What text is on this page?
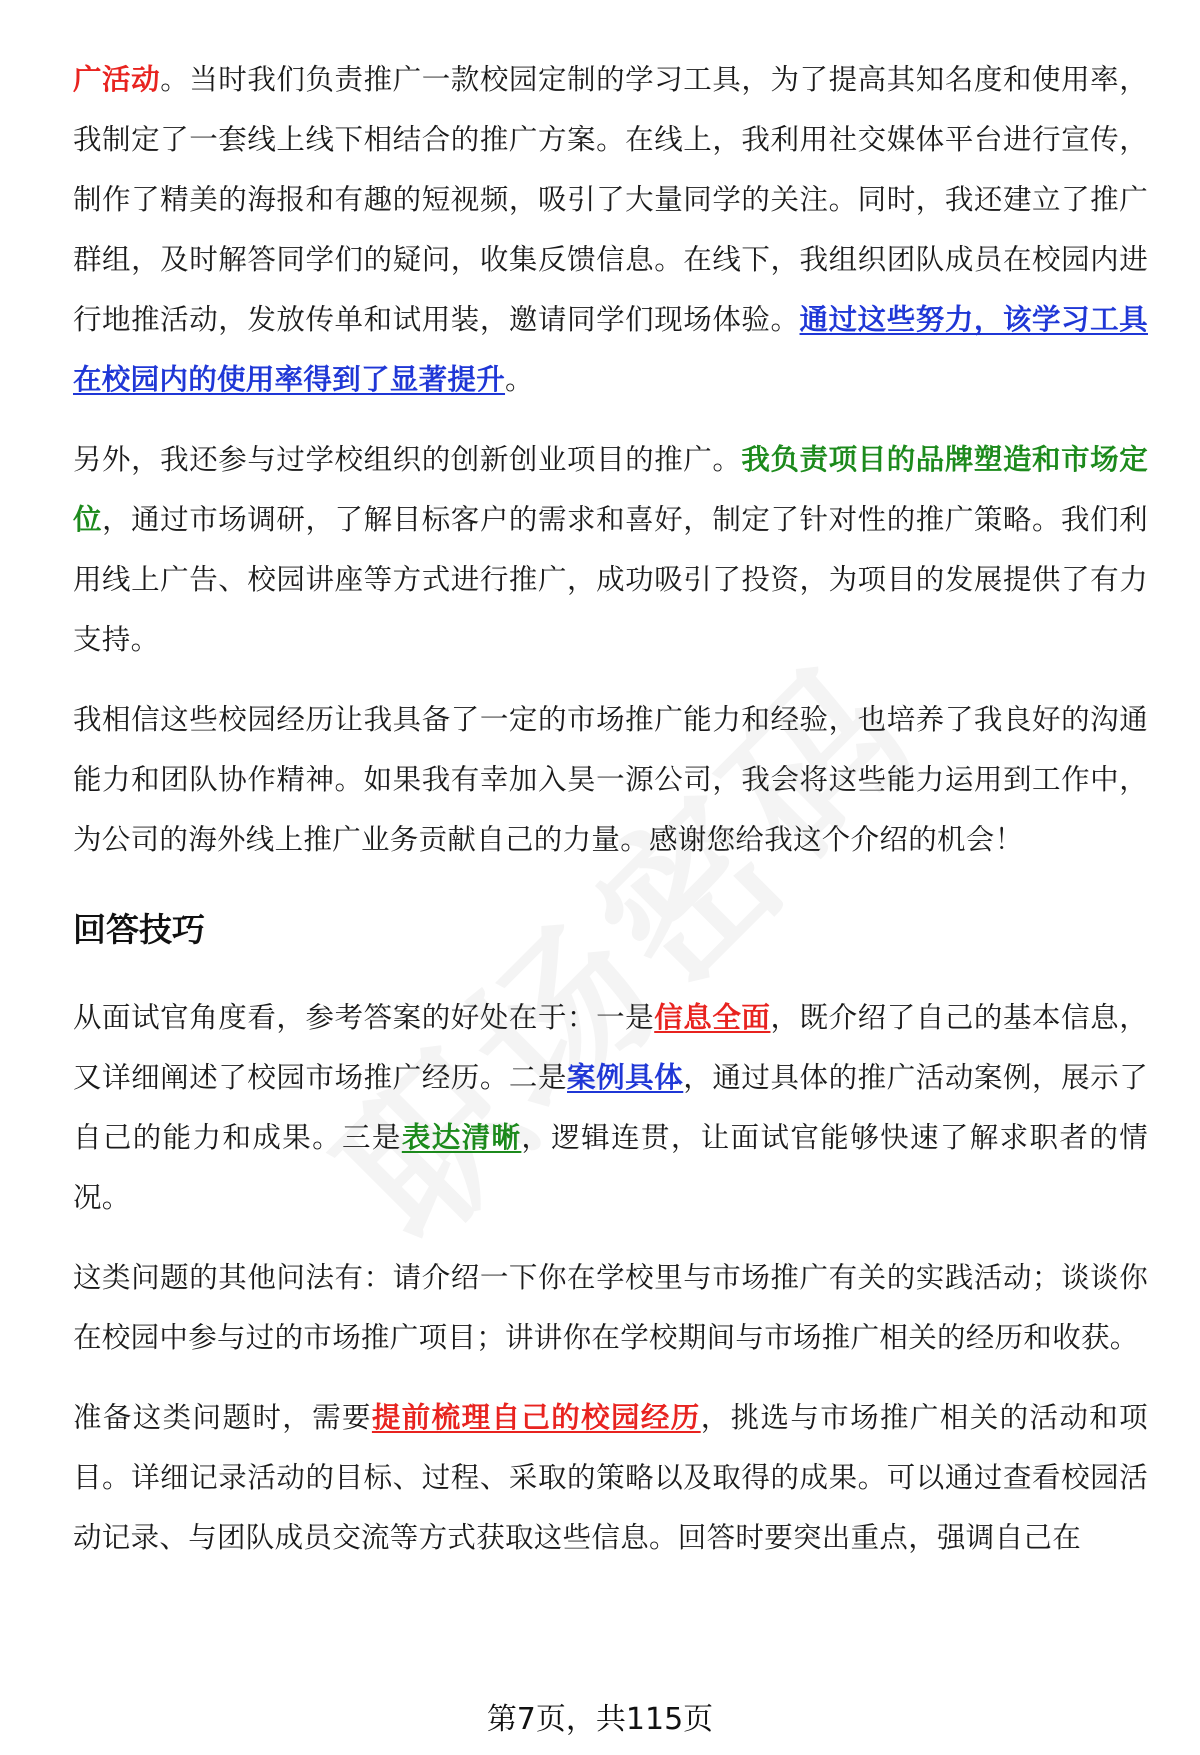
广活动。当时我们负责推广一款校园定制的学习工具，为了提高其知名度和使用率，我制定了一套线上线下相结合的推广方案。在线上，我利用社交媒体平台进行宣传，制作了精美的海报和有趣的短视频，吸引了大量同学的关注。同时，我还建立了推广群组，及时解答同学们的疑问，收集反馈信息。在线下，我组织团队成员在校园内进行地推活动，发放传单和试用装，邀请同学们现场体验。通过这些努力，该学习工具在校园内的使用率得到了显著提升。

另外，我还参与过学校组织的创新创业项目的推广。我负责项目的品牌塑造和市场定位，通过市场调研，了解目标客户的需求和喜好，制定了针对性的推广策略。我们利用线上广告、校园讲座等方式进行推广，成功吸引了投资，为项目的发展提供了有力支持。

我相信这些校园经历让我具备了一定的市场推广能力和经验，也培养了我良好的沟通能力和团队协作精神。如果我有幸加入昊一源公司，我会将这些能力运用到工作中，为公司的海外线上推广业务贡献自己的力量。感谢您给我这个介绍的机会！

回答技巧

从面试官角度看，参考答案的好处在于：一是信息全面，既介绍了自己的基本信息，又详细阐述了校园市场推广经历。二是案例具体，通过具体的推广活动案例，展示了自己的能力和成果。三是表达清晰，逻辑连贯，让面试官能够快速了解求职者的情况。

这类问题的其他问法有：请介绍一下你在学校里与市场推广有关的实践活动；谈谈你在校园中参与过的市场推广项目；讲讲你在学校期间与市场推广相关的经历和收获。

准备这类问题时，需要提前梳理自己的校园经历，挑选与市场推广相关的活动和项目。详细记录活动的目标、过程、采取的策略以及取得的成果。可以通过查看校园活动记录、与团队成员交流等方式获取这些信息。回答时要突出重点，强调自己在

第7页，共115页
